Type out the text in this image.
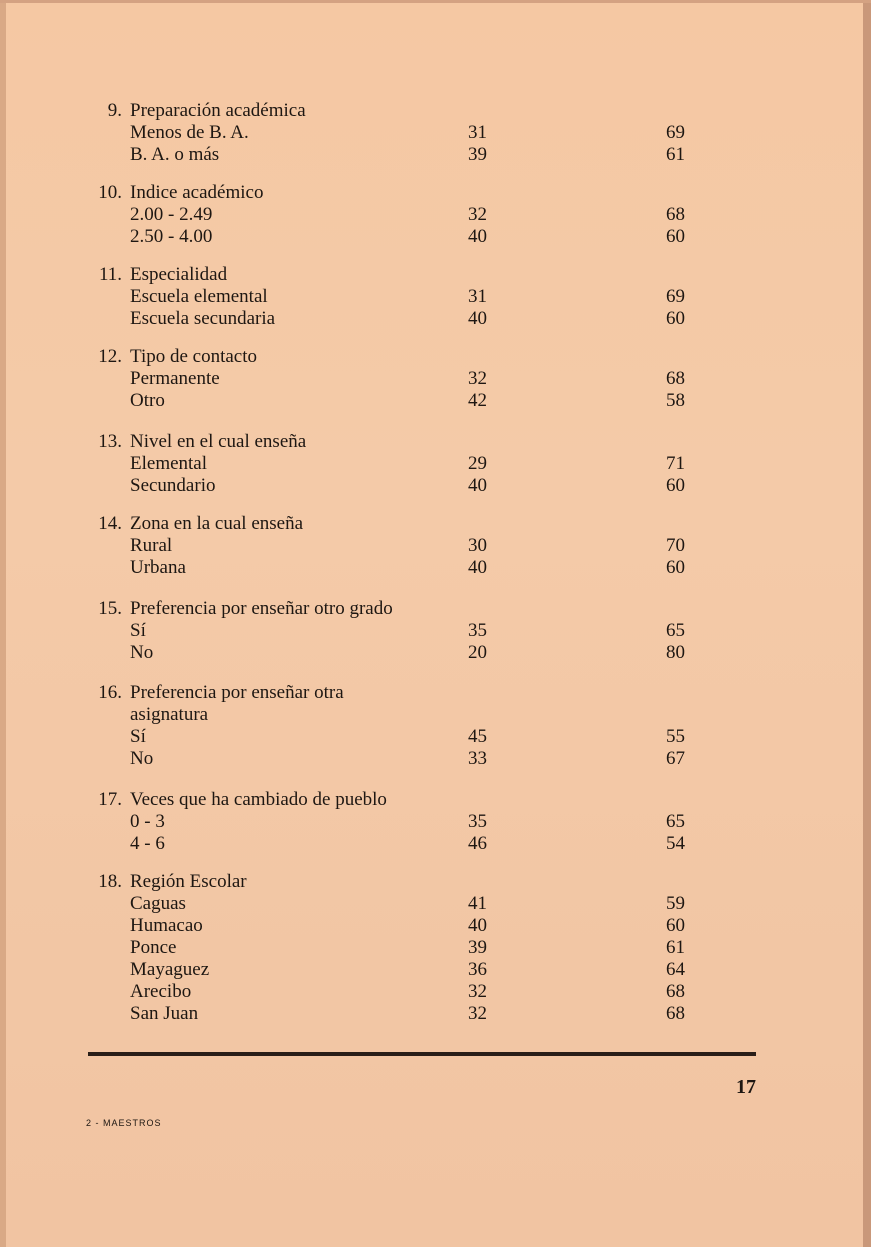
9. Preparación académica
Menos de B. A.	31	69
B. A. o más	39	61
10. Indice académico
2.00 - 2.49	32	68
2.50 - 4.00	40	60
11. Especialidad
Escuela elemental	31	69
Escuela secundaria	40	60
12. Tipo de contacto
Permanente	32	68
Otro	42	58
13. Nivel en el cual enseña
Elemental	29	71
Secundario	40	60
14. Zona en la cual enseña
Rural	30	70
Urbana	40	60
15. Preferencia por enseñar otro grado
Sí	35	65
No	20	80
16. Preferencia por enseñar otra
asignatura
Sí	45	55
No	33	67
17. Veces que ha cambiado de pueblo
0 - 3	35	65
4 - 6	46	54
18. Región Escolar
Caguas	41	59
Humacao	40	60
Ponce	39	61
Mayaguez	36	64
Arecibo	32	68
San Juan	32	68
17
2 - MAESTROS
